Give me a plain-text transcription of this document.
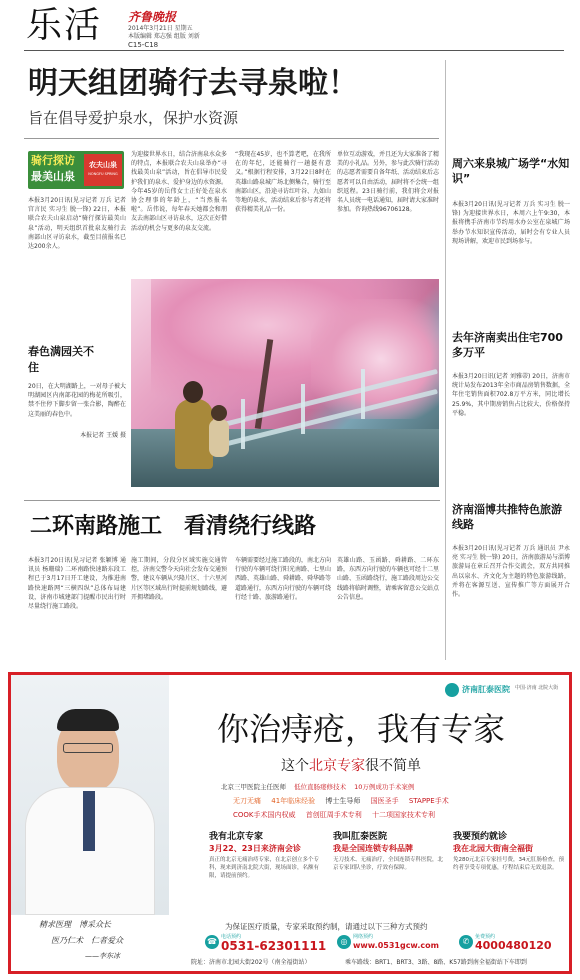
乐活 齐鲁晚报
2014年3月21日 星期五
本版编辑 郑志强 组版 刘新
C15-C18
明天组团骑行去寻泉啦！
旨在倡导爱护泉水，保护水资源
骑行探访
最美山泉
农夫山泉
NONGFU SPRING
本报3月20日讯(见习记者 万兵 记者 宫言民 实习生 脱一锋) 22日，本报联合农夫山泉启动“骑行探访最美山泉”活动，明天组织首批泉友骑行去南部山区寻访泉水，截至目前报名已达200余人。
为迎接世界水日，结合济南泉水众多的特点，本报联合农夫山泉举办“寻找最美山泉”活动，旨在倡导市民爱护我们的泉水、爱护身边的水资源。今年45岁的岳伟女士正好处在泉水协会理事的年龄上，“当然报名啦”。岳伟说，每年春天她都会和朋友去南部山区寻访泉水，这次正好借活动的机会与更多的泉友交流。
“我现在45岁，也不算老吧，在我所在的年纪，还能骑行一趟挺有意义。”根据行程安排，3月22日8时在英雄山路泉城广场北侧集合，骑行至南部山区，沿途寻访红叶谷、九如山等地的泉水，活动结束后参与者还将获得精美礼品一份。
单位互动游戏，并且还为大家准备了精美的小礼品。另外，参与此次骑行活动的志愿者需要自备年纸、活动结束后志愿者可以自由活动，届时将不会统一组织返程。23日骑行前，我们将会对报名人员统一电话通知，届时请大家准时参加。咨询热线96706128。
春色满园关不住
20日，在大明湖路上，一对母子被大明湖园区内南部花园的梅花所吸引，禁不住停下脚步留一张合影，陶醉在这美丽的春色中。
本报记者 王媛 摄
周六来泉城广场学“水知识”
本报3月20日讯(见习记者 万兵 实习生 脱一锋) 为迎接世界水日，本周六上午9:30，本报将携手济南市节约用水办公室在泉城广场举办节水知识宣传活动，届时会有专业人员现场讲解，欢迎市民到场参与。
去年济南卖出住宅700多万平
本报3月20日讯(记者 刘雅蒂) 20日，济南市统计局发布2013年全市商品房销售数据，全年住宅销售面积702.8万平方米，同比增长25.9%，其中期房销售占比较大，价格保持平稳。
济南淄博共推特色旅游线路
本报3月20日讯(见习记者 万兵 通讯员 尹永亮 实习生 脱一锋) 20日，济南旅游局与淄博旅游局在章丘召开合作交流会，双方共同推出以泉水、齐文化为主题的特色旅游线路，并将在客源互送、宣传推广等方面展开合作。
二环南路施工　看清绕行线路
本报3月20日讯(见习记者 张颖博 通讯员 杨珊瑞) 二环南路快速路东段工程已于3月17日开工建设，为推进南路快速路网“三横四纵”总体布局建设，济南市城建部门提醒市民出行时尽量绕行施工路段。
施工期间，分段分区域实施交通管控，济南交警今天向社会发布交通预警，建议车辆从兴隆片区、十六里河片区等区域出行时提前规划路线，避开拥堵路段。
车辆需要经过施工路段的，南北方向行驶的车辆可绕行阳光南路、七里山西路、英雄山路、舜耕路、舜华路等道路通行，东西方向行驶的车辆可绕行经十路、旅游路通行。
英雄山路、玉函路、舜耕路、二环东路，东西方向行驶的车辆也可经十二里山路、玉函路绕行，施工路段周边公交线路将临时调整，请乘客留意公交站点公告信息。
精求医理　博采众长
医乃仁术　仁者爱众
——李东冰
济南肛泰医院 中国·济南 北院大街
你治痔疮，我有专家
这个北京专家很不简单
北京三甲医院主任医师 低位直肠瘘修技术 10万例成功手术案例
无刀无痛 41年临床经验 博士生导师 国医圣手 STAPPE手术
COOK手术国内权威 首创肛周手术专利 十二项国家技术专利
我有北京专家
3月22、23日来济南会诊
真正的北京无痛治痔专家，在北京创立多个专科，现来到济南北院大街，现场面诊，名额有限，请提前预约。
我叫肛泰医院
我是全国连锁专科品牌
无刀技术、无痛治疗，全国连锁专科医院，北京专家团队坐诊，疗效有保障。
我要预约就诊
我在北园大街南全福街
免280元北京专家挂号费，34元肛肠检查，预约者享受专项优惠，疗程结束后无效退款。
为保证医疗质量，专家采取预约制，请通过以下三种方式预约
☎ 电话预约
0531-62301111	◎	网络预约
www.0531gcw.com	✆	免费预约
4000480120
院址：济南市北园大街202号（南全福街站）	乘车路线：BRT1、BRT3、3路、8路、K57路到南全福街站下车即到
